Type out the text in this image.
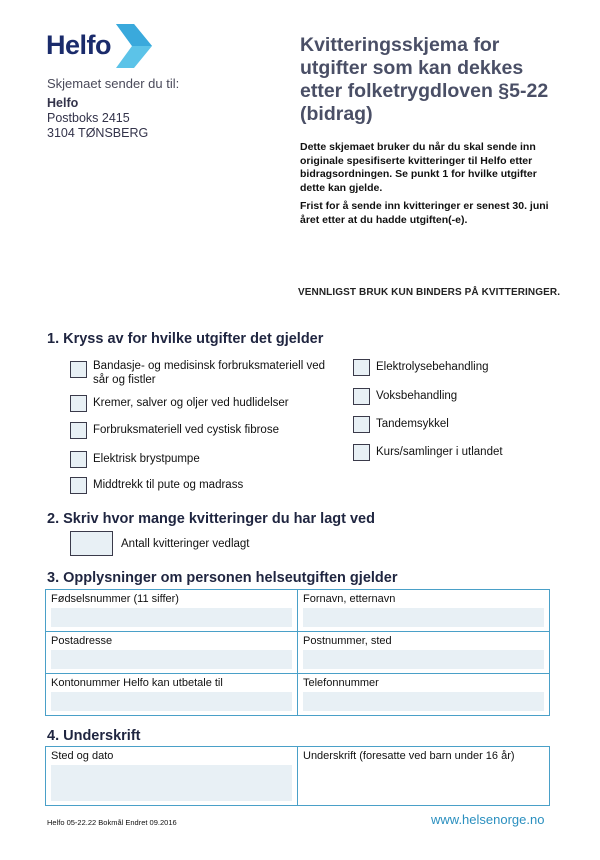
Helfo
Skjemaet sender du til:
Helfo
Postboks 2415
3104 TØNSBERG
Kvitteringsskjema for utgifter som kan dekkes etter folketrygdloven §5-22 (bidrag)

Dette skjemaet bruker du når du skal sende inn originale spesifiserte kvitteringer til Helfo etter bidragsordningen. Se punkt 1 for hvilke utgifter dette kan gjelde.

Frist for å sende inn kvitteringer er senest 30. juni året etter at du hadde utgiften(-e).

VENNLIGST BRUK KUN BINDERS PÅ KVITTERINGER.
1. Kryss av for hvilke utgifter det gjelder
Bandasje- og medisinsk forbruksmateriell ved sår og fistler
Kremer, salver og oljer ved hudlidelser
Forbruksmateriell ved cystisk fibrose
Elektrisk brystpumpe
Middtrekk til pute og madrass
Elektrolysebehandling
Voksbehandling
Tandemsykkel
Kurs/samlinger i utlandet
2. Skriv hvor mange kvitteringer du har lagt ved
Antall kvitteringer vedlagt
3. Opplysninger om personen helseutgiften gjelder
Fødselsnummer (11 siffer)	Fornavn, etternavn
Postadresse	Postnummer, sted
Kontonummer Helfo kan utbetale til	Telefonnummer
4. Underskrift
Sted og dato	Underskrift (foresatte ved barn under 16 år)
Helfo 05-22.22 Bokmål Endret 09.2016	www.helsenorge.no
